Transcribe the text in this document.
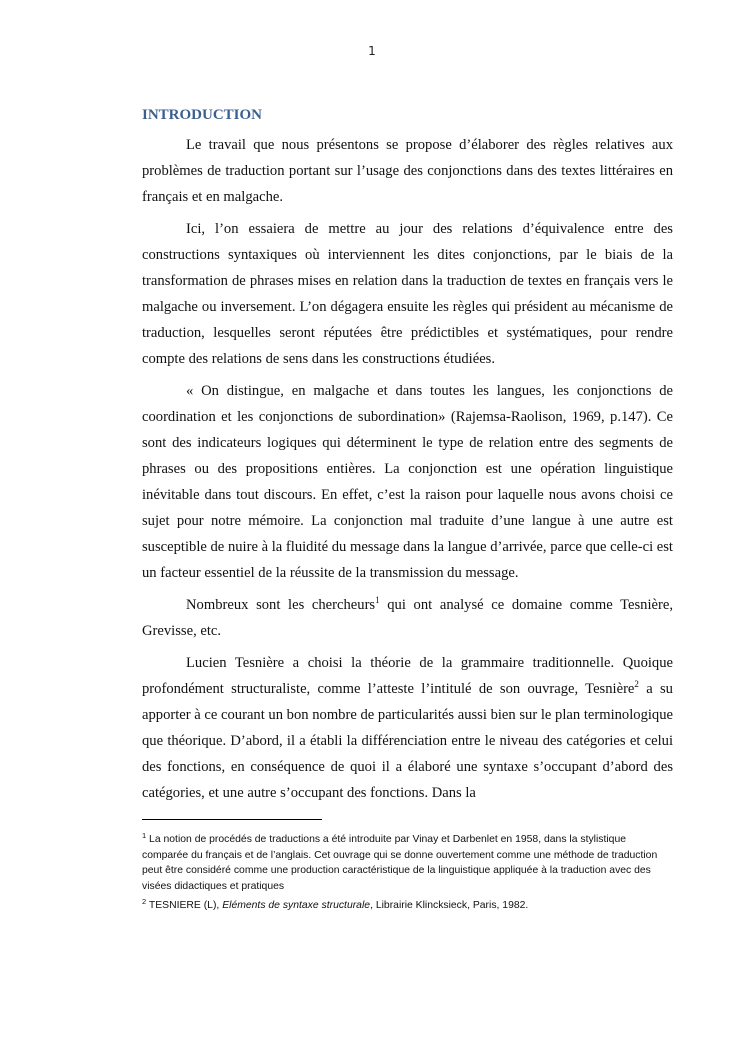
1
INTRODUCTION

Le travail que nous présentons se propose d’élaborer des règles relatives aux problèmes de traduction portant sur l’usage des conjonctions dans des textes littéraires en français et en malgache.

Ici, l’on essaiera de mettre au jour des relations d’équivalence entre des constructions syntaxiques où interviennent les dites conjonctions, par le biais de la transformation de phrases mises en relation dans la traduction de textes en français vers le malgache ou inversement. L’on dégagera ensuite les règles qui président au mécanisme de traduction, lesquelles seront réputées être prédictibles et systématiques, pour rendre compte des relations de sens dans les constructions étudiées.

« On distingue, en malgache et dans toutes les langues, les conjonctions de coordination et les conjonctions de subordination» (Rajemsa-Raolison, 1969, p.147). Ce sont des indicateurs logiques qui déterminent le type de relation entre des segments de phrases ou des propositions entières. La conjonction est une opération linguistique inévitable dans tout discours. En effet, c’est la raison pour laquelle nous avons choisi ce sujet pour notre mémoire. La conjonction mal traduite d’une langue à une autre est susceptible de nuire à la fluidité du message dans la langue d’arrivée, parce que celle-ci est un facteur essentiel de la réussite de la transmission du message.

Nombreux sont les chercheurs$^1$ qui ont analysé ce domaine comme Tesnière, Grevisse, etc.

Lucien Tesnière a choisi la théorie de la grammaire traditionnelle. Quoique profondément structuraliste, comme l’atteste l’intitulé de son ouvrage, Tesnière$^2$ a su apporter à ce courant un bon nombre de particularités aussi bien sur le plan terminologique que théorique. D’abord, il a établi la différenciation entre le niveau des catégories et celui des fonctions, en conséquence de quoi il a élaboré une syntaxe s’occupant d’abord des catégories, et une autre s’occupant des fonctions. Dans la

$^1$ La notion de procédés de traductions a été introduite par Vinay et Darbenlet en 1958, dans la stylistique comparée du français et de l’anglais. Cet ouvrage qui se donne ouvertement comme une méthode de traduction peut être considéré comme une production caractéristique de la linguistique appliquée à la traduction avec des visées didactiques et pratiques
$^2$ TESNIERE (L), Eléments de syntaxe structurale, Librairie Klincksieck, Paris, 1982.
